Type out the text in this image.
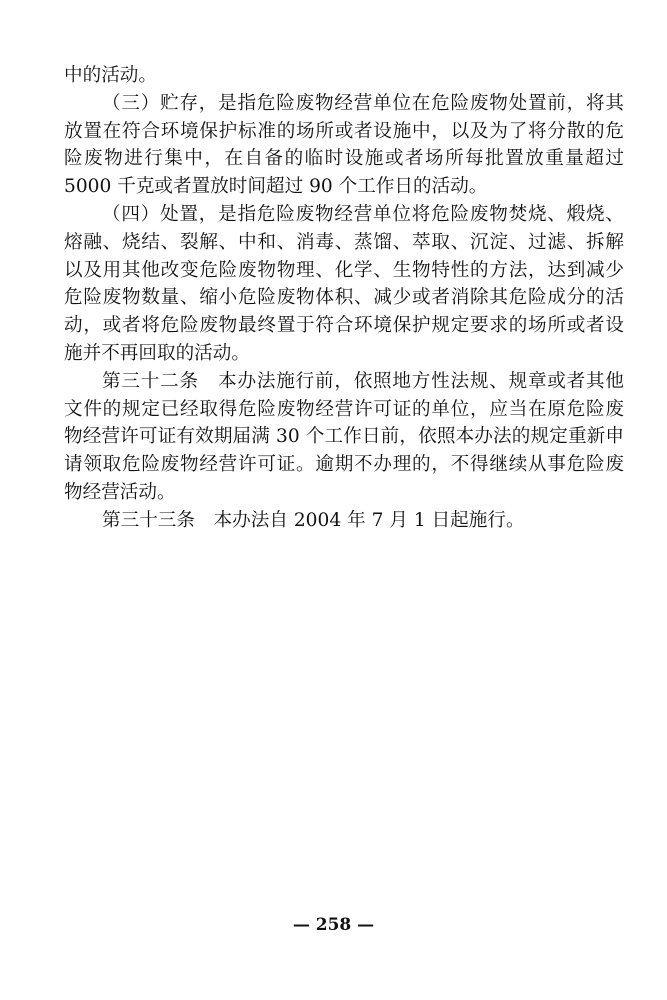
中的活动。
（三）贮存，是指危险废物经营单位在危险废物处置前，将其
放置在符合环境保护标准的场所或者设施中，以及为了将分散的危
险废物进行集中，在自备的临时设施或者场所每批置放重量超过
5000 千克或者置放时间超过 90 个工作日的活动。
（四）处置，是指危险废物经营单位将危险废物焚烧、煅烧、
熔融、烧结、裂解、中和、消毒、蒸馏、萃取、沉淀、过滤、拆解
以及用其他改变危险废物物理、化学、生物特性的方法，达到减少
危险废物数量、缩小危险废物体积、减少或者消除其危险成分的活
动，或者将危险废物最终置于符合环境保护规定要求的场所或者设
施并不再回取的活动。
第三十二条　本办法施行前，依照地方性法规、规章或者其他
文件的规定已经取得危险废物经营许可证的单位，应当在原危险废
物经营许可证有效期届满 30 个工作日前，依照本办法的规定重新申
请领取危险废物经营许可证。逾期不办理的，不得继续从事危险废
物经营活动。
第三十三条　本办法自 2004 年 7 月 1 日起施行。
— 258 —
